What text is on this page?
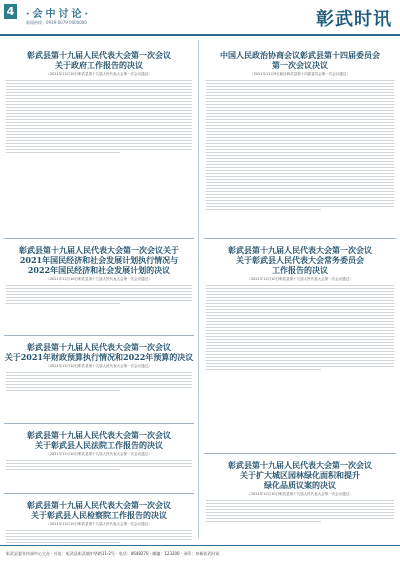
4 ·会中讨论·
新闻热线：0919-0079 0000000	彰武时讯
彰武县第十九届人民代表大会第一次会议
关于政府工作报告的决议
（2021年12月10日彰武县第十九届人民代表大会第一次会议通过）
彰武县第十九届人民代表大会第一次会议关于
2021年国民经济和社会发展计划执行情况与
2022年国民经济和社会发展计划的决议
（2021年12月10日彰武县第十九届人民代表大会第一次会议通过）
彰武县第十九届人民代表大会第一次会议
关于2021年财政预算执行情况和2022年预算的决议
（2021年12月10日彰武县第十九届人民代表大会第一次会议通过）
彰武县第十九届人民代表大会第一次会议
关于彰武县人民法院工作报告的决议
（2021年12月10日彰武县第十九届人民代表大会第一次会议通过）
彰武县第十九届人民代表大会第一次会议
关于彰武县人民检察院工作报告的决议
（2021年12月10日彰武县第十九届人民代表大会第一次会议通过）
中国人民政治协商会议彰武县第十四届委员会
第一次会议决议
（2021年12月9日政协彰武县第十四届委员会第一次会议通过）
彰武县第十九届人民代表大会第一次会议
关于彰武县人民代表大会常务委员会
工作报告的决议
（2021年12月10日彰武县第十九届人民代表大会第一次会议通过）
彰武县第十九届人民代表大会第一次会议
关于扩大城区园林绿化面积和提升
绿化品质议案的决议
（2021年12月10日彰武县第十九届人民代表大会第一次会议通过）
彰武县委宣传部中心主办 · 社址：彰武县彰武镇中华路11-2号 · 电话：0648270 · 邮编：123200 · 承印：阜新彰武时讯
